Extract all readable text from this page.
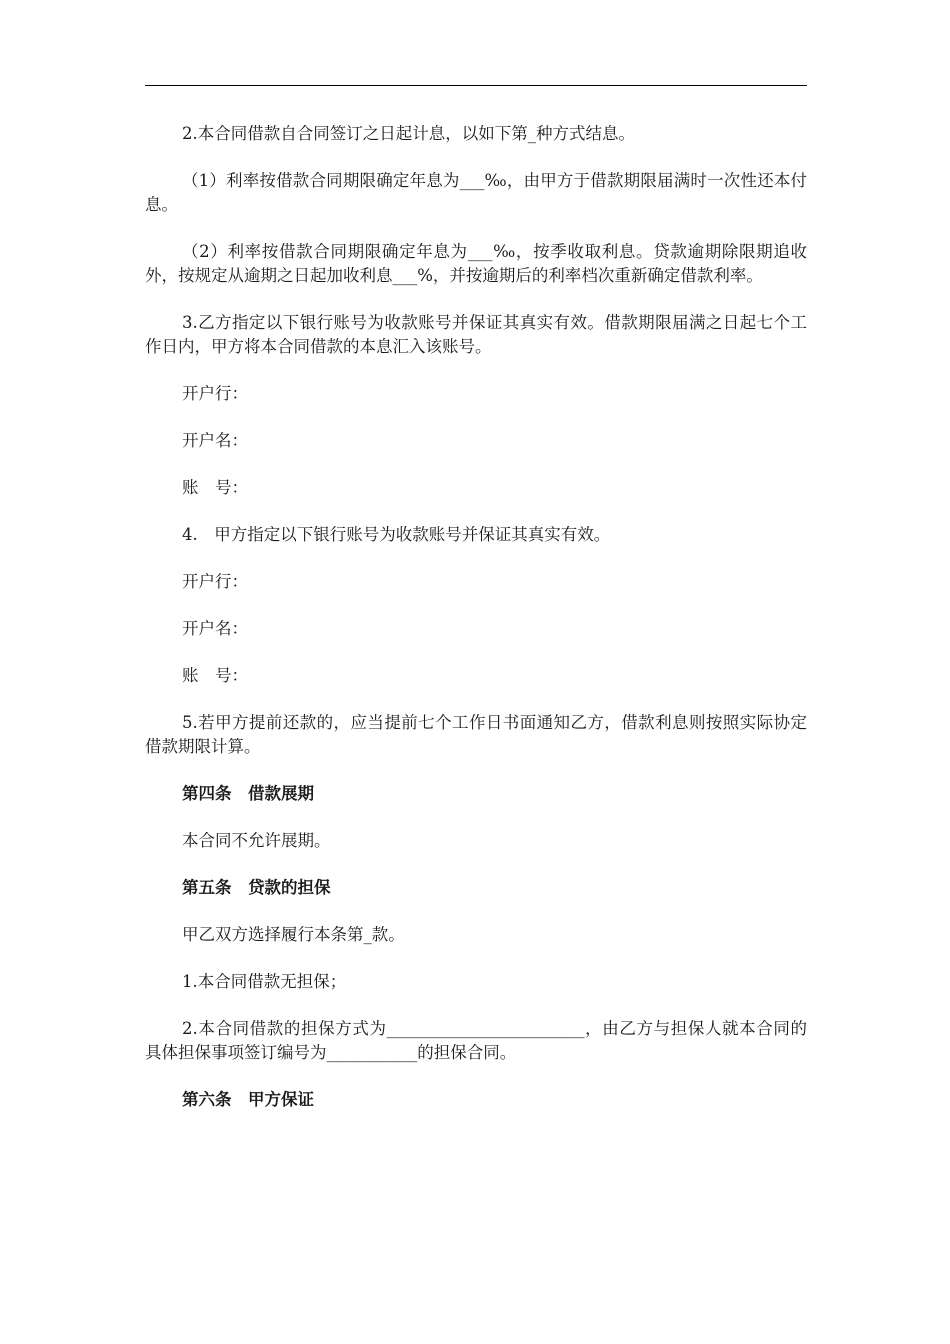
2.本合同借款自合同签订之日起计息，以如下第_种方式结息。

（1）利率按借款合同期限确定年息为___‰，由甲方于借款期限届满时一次性还本付息。

（2）利率按借款合同期限确定年息为___‰，按季收取利息。贷款逾期除限期追收外，按规定从逾期之日起加收利息___%，并按逾期后的利率档次重新确定借款利率。

3.乙方指定以下银行账号为收款账号并保证其真实有效。借款期限届满之日起七个工作日内，甲方将本合同借款的本息汇入该账号。

开户行：

开户名：

账　号：

4.　甲方指定以下银行账号为收款账号并保证其真实有效。

开户行：

开户名：

账　号：

5.若甲方提前还款的，应当提前七个工作日书面通知乙方，借款利息则按照实际协定借款期限计算。

第四条　借款展期

本合同不允许展期。

第五条　贷款的担保

甲乙双方选择履行本条第_款。

1.本合同借款无担保；

2.本合同借款的担保方式为________________________，由乙方与担保人就本合同的具体担保事项签订编号为___________的担保合同。

第六条　甲方保证
